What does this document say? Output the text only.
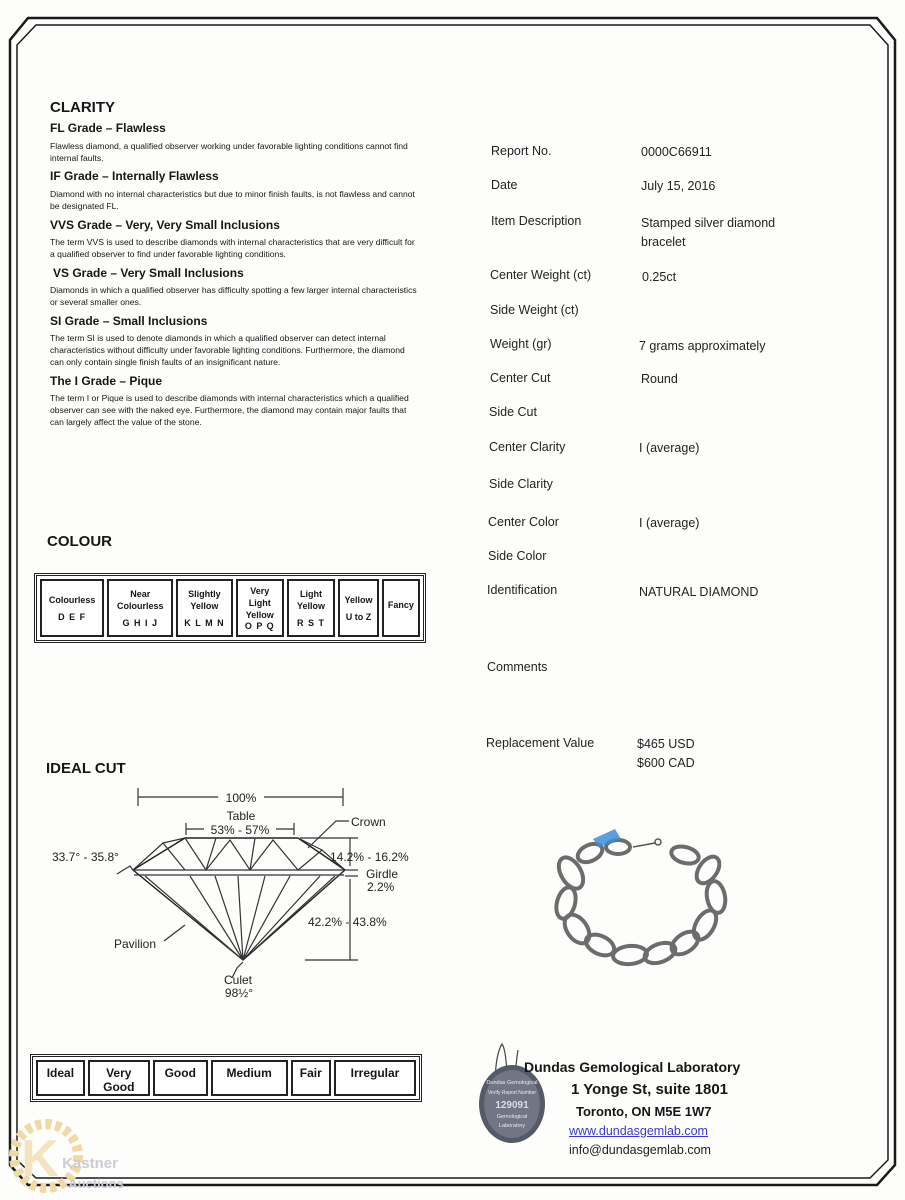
CLARITY
FL Grade – Flawless
Flawless diamond, a qualified observer working under favorable lighting conditions cannot find internal faults.
IF Grade – Internally Flawless
Diamond with no internal characteristics but due to minor finish faults, is not flawless and cannot be designated FL.
VVS Grade – Very, Very Small Inclusions
The term VVS is used to describe diamonds with internal characteristics that are very difficult for a qualified observer to find under favorable lighting conditions.
VS Grade – Very Small Inclusions
Diamonds in which a qualified observer has difficulty spotting a few larger internal characteristics or several smaller ones.
SI Grade – Small Inclusions
The term SI is used to denote diamonds in which a qualified observer can detect internal characteristics without difficulty under favorable lighting conditions. Furthermore, the diamond can only contain single finish faults of an insignificant nature.
The I Grade – Pique
The term I or Pique is used to describe diamonds with internal characteristics which a qualified observer can see with the naked eye. Furthermore, the diamond may contain major faults that can largely affect the value of the stone.
COLOUR
Colourless
D E F

Near Colourless
G H I J

Slightly Yellow
K L M N

Very Light Yellow
O P Q

Light Yellow
R S T

Yellow
U to Z

Fancy
IDEAL CUT
100%
Table
53% - 57%
Crown
33.7° - 35.8°	14.2% - 16.2%
Girdle
2.2%
42.2% - 43.8%
Pavilion
Culet
98½°
Ideal	Very Good	Good	Medium	Fair	Irregular
Report No.	0000C66911
Date	July 15, 2016
Item Description	Stamped silver diamond bracelet
Center Weight (ct)	0.25ct
Side Weight (ct)
Weight (gr)	7 grams approximately
Center Cut	Round
Side Cut
Center Clarity	I (average)
Side Clarity
Center Color	I (average)
Side Color
Identification	NATURAL DIAMOND
Comments
Replacement Value	$465 USD
$600 CAD
Dundas Gemological
Verify Report Number
129091
Gemological
Laboratory
Dundas Gemological Laboratory
1 Yonge St, suite 1801
Toronto, ON M5E 1W7
www.dundasgemlab.com
info@dundasgemlab.com
K Kastner
Auctions
